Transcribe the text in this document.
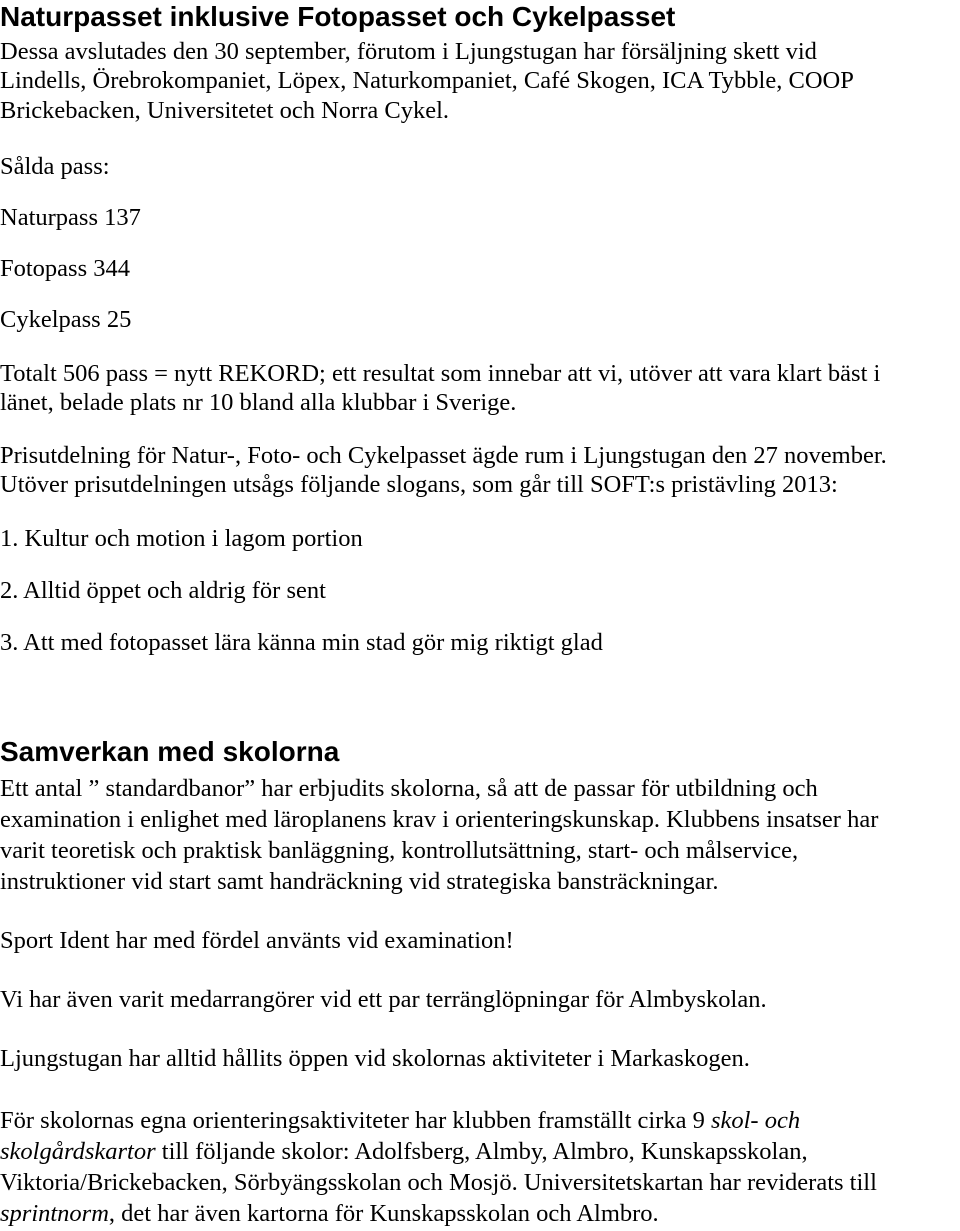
Naturpasset inklusive Fotopasset och Cykelpasset
Dessa avslutades den 30 september, förutom i Ljungstugan har försäljning skett vid
Lindells, Örebrokompaniet, Löpex, Naturkompaniet, Café Skogen, ICA Tybble, COOP
Brickebacken, Universitetet och Norra Cykel.
Sålda pass:
Naturpass 137
Fotopass 344
Cykelpass 25
Totalt 506 pass = nytt REKORD; ett resultat som innebar att vi, utöver att vara klart bäst i
länet, belade plats nr 10 bland alla klubbar i Sverige.
Prisutdelning för Natur-, Foto- och Cykelpasset ägde rum i Ljungstugan den 27 november.
Utöver prisutdelningen utsågs följande slogans, som går till SOFT:s pristävling 2013:
1. Kultur och motion i lagom portion
2. Alltid öppet och aldrig för sent
3. Att med fotopasset lära känna min stad gör mig riktigt glad
Samverkan med skolorna
Ett antal ” standardbanor” har erbjudits skolorna, så att de passar för utbildning och
examination i enlighet med läroplanens krav i orienteringskunskap. Klubbens insatser har
varit teoretisk och praktisk banläggning, kontrollutsättning, start- och målservice,
instruktioner vid start samt handräckning vid strategiska bansträckningar.
Sport Ident har med fördel använts vid examination!
Vi har även varit medarrangörer vid ett par terränglöpningar för Almbyskolan.
Ljungstugan har alltid hållits öppen vid skolornas aktiviteter i Markaskogen.
För skolornas egna orienteringsaktiviteter har klubben framställt cirka 9 skol- och
skolgårdskartor till följande skolor: Adolfsberg, Almby, Almbro, Kunskapsskolan,
Viktoria/Brickebacken, Sörbyängsskolan och Mosjö. Universitetskartan har reviderats till
sprintnorm, det har även kartorna för Kunskapsskolan och Almbro.
